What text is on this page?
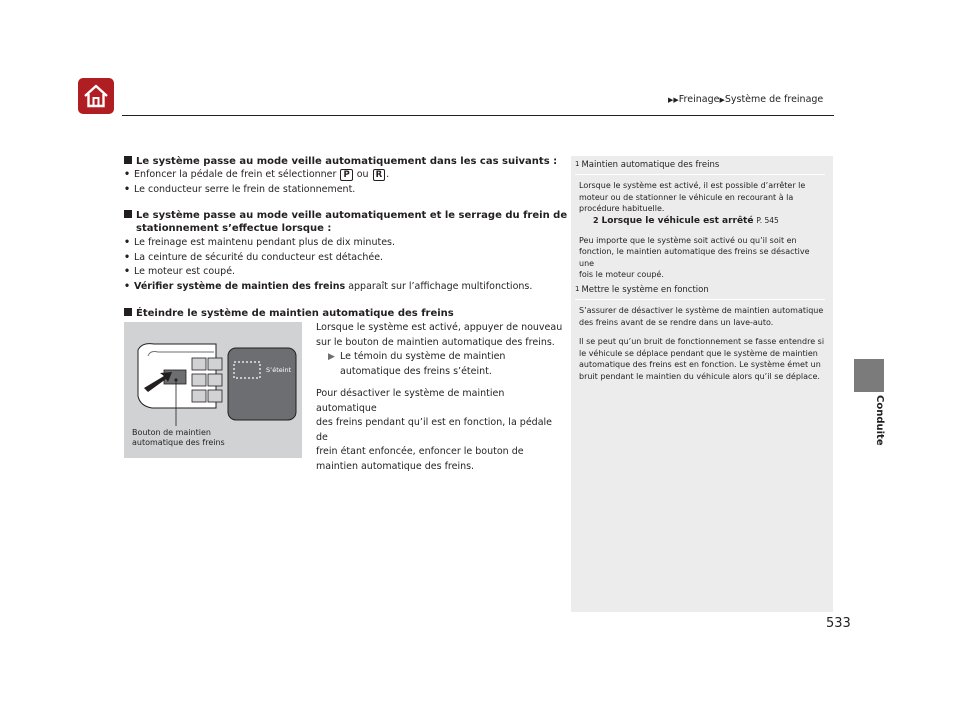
▶▶Freinage▶Système de freinage
Conduite
Le système passe au mode veille automatiquement dans les cas suivants :
• Enfoncer la pédale de frein et sélectionner P ou R .
• Le conducteur serre le frein de stationnement.
Le système passe au mode veille automatiquement et le serrage du frein de
stationnement s’effectue lorsque :
• Le freinage est maintenu pendant plus de dix minutes.
• La ceinture de sécurité du conducteur est détachée.
• Le moteur est coupé.
• Vérifier système de maintien des freins apparaît sur l’affichage multifonctions.
Éteindre le système de maintien automatique des freins
Lorsque le système est activé, appuyer de nouveau
sur le bouton de maintien automatique des freins.
▶ Le témoin du système de maintien
automatique des freins s’éteint.
Pour désactiver le système de maintien automatique
des freins pendant qu’il est en fonction, la pédale de
frein étant enfoncée, enfoncer le bouton de
maintien automatique des freins.
S’éteint
Bouton de maintien
automatique des freins
1 Maintien automatique des freins
Lorsque le système est activé, il est possible d’arrêter le
moteur ou de stationner le véhicule en recourant à la
procédure habituelle.
2 Lorsque le véhicule est arrêté P. 545
Peu importe que le système soit activé ou qu’il soit en
fonction, le maintien automatique des freins se désactive une
fois le moteur coupé.
1 Mettre le système en fonction
S’assurer de désactiver le système de maintien automatique
des freins avant de se rendre dans un lave-auto.
Il se peut qu’un bruit de fonctionnement se fasse entendre si
le véhicule se déplace pendant que le système de maintien
automatique des freins est en fonction. Le système émet un
bruit pendant le maintien du véhicule alors qu’il se déplace.
533
